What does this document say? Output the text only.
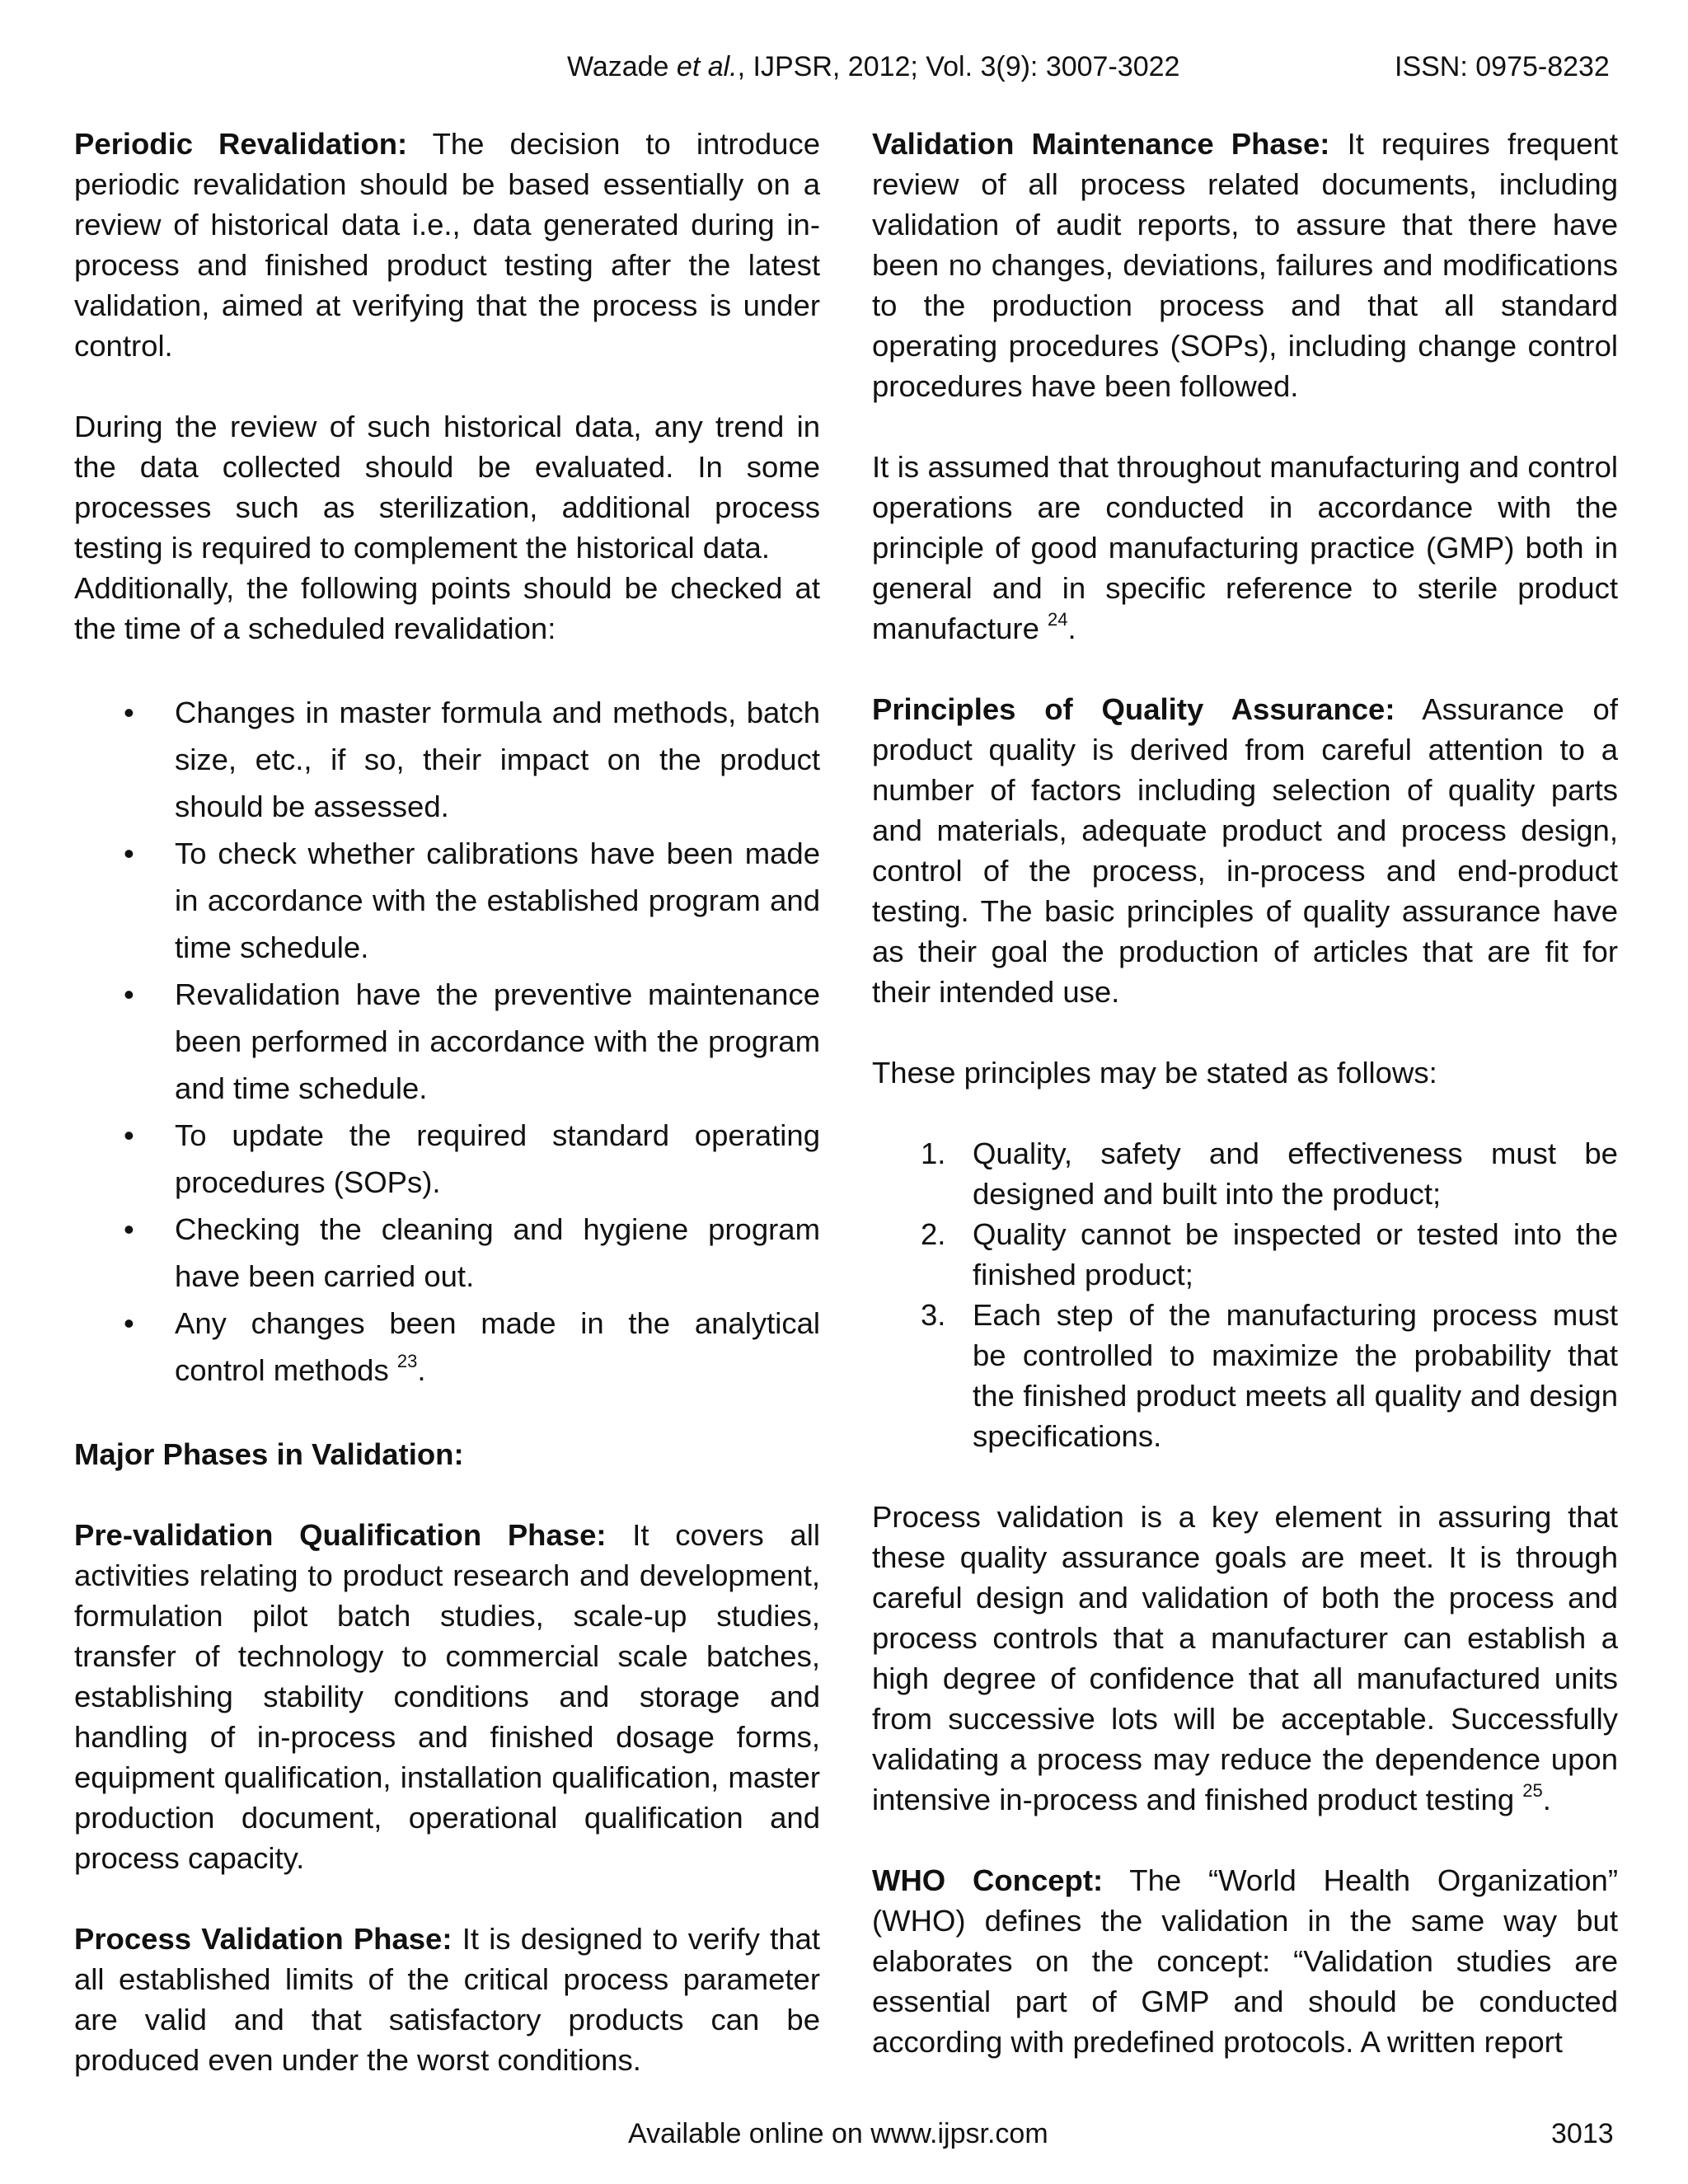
Wazade et al., IJPSR, 2012; Vol. 3(9): 3007-3022	ISSN: 0975-8232

Periodic Revalidation: The decision to introduce periodic revalidation should be based essentially on a review of historical data i.e., data generated during in-process and finished product testing after the latest validation, aimed at verifying that the process is under control.

During the review of such historical data, any trend in the data collected should be evaluated. In some processes such as sterilization, additional process testing is required to complement the historical data.

Additionally, the following points should be checked at the time of a scheduled revalidation:

• Changes in master formula and methods, batch size, etc., if so, their impact on the product should be assessed.
• To check whether calibrations have been made in accordance with the established program and time schedule.
• Revalidation have the preventive maintenance been performed in accordance with the program and time schedule.
• To update the required standard operating procedures (SOPs).
• Checking the cleaning and hygiene program have been carried out.
• Any changes been made in the analytical control methods $^{23}$.

Major Phases in Validation:

Pre-validation Qualification Phase: It covers all activities relating to product research and development, formulation pilot batch studies, scale-up studies, transfer of technology to commercial scale batches, establishing stability conditions and storage and handling of in-process and finished dosage forms, equipment qualification, installation qualification, master production document, operational qualification and process capacity.

Process Validation Phase: It is designed to verify that all established limits of the critical process parameter are valid and that satisfactory products can be produced even under the worst conditions.

Validation Maintenance Phase: It requires frequent review of all process related documents, including validation of audit reports, to assure that there have been no changes, deviations, failures and modifications to the production process and that all standard operating procedures (SOPs), including change control procedures have been followed.

It is assumed that throughout manufacturing and control operations are conducted in accordance with the principle of good manufacturing practice (GMP) both in general and in specific reference to sterile product manufacture $^{24}$.

Principles of Quality Assurance: Assurance of product quality is derived from careful attention to a number of factors including selection of quality parts and materials, adequate product and process design, control of the process, in-process and end-product testing. The basic principles of quality assurance have as their goal the production of articles that are fit for their intended use.

These principles may be stated as follows:

1. Quality, safety and effectiveness must be designed and built into the product;
2. Quality cannot be inspected or tested into the finished product;
3. Each step of the manufacturing process must be controlled to maximize the probability that the finished product meets all quality and design specifications.

Process validation is a key element in assuring that these quality assurance goals are meet. It is through careful design and validation of both the process and process controls that a manufacturer can establish a high degree of confidence that all manufactured units from successive lots will be acceptable. Successfully validating a process may reduce the dependence upon intensive in-process and finished product testing $^{25}$.

WHO Concept: The “World Health Organization” (WHO) defines the validation in the same way but elaborates on the concept: “Validation studies are essential part of GMP and should be conducted according with predefined protocols. A written report

Available online on www.ijpsr.com	3013
